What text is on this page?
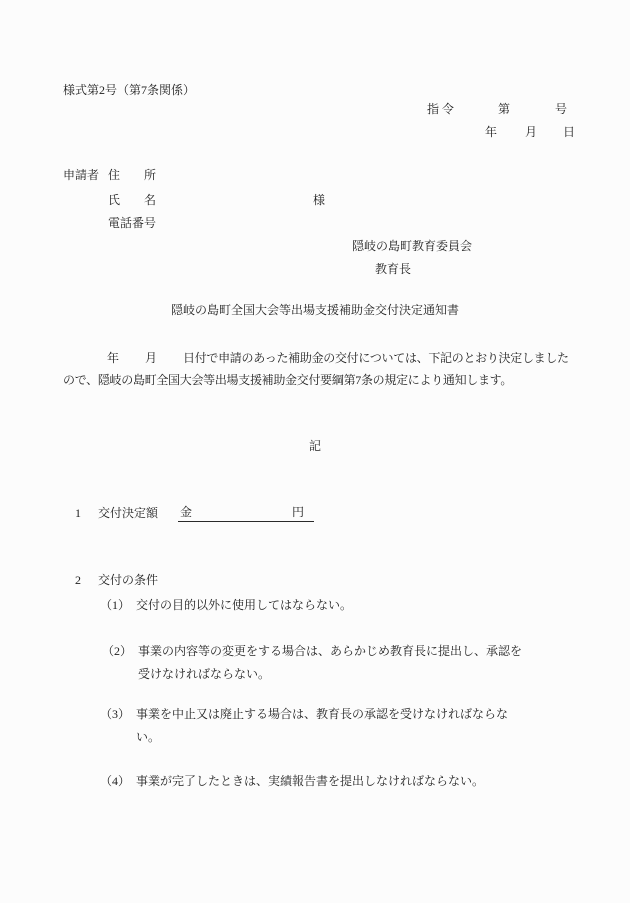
様式第2号（第7条関係）
指 令	第	号
年 月 日
申請者 住　　所
氏　　名	様
電話番号
隠岐の島町教育委員会
教育長
隠岐の島町全国大会等出場支援補助金交付決定通知書
年 月 日付で申請のあった補助金の交付については、下記のとおり決定しました
ので、隠岐の島町全国大会等出場支援補助金交付要綱第7条の規定により通知します。
記
1 交付決定額

金

	円

2 交付の条件
（1） 交付の目的以外に使用してはならない。
（2） 事業の内容等の変更をする場合は、あらかじめ教育長に提出し、承認を
受けなければならない。
（3） 事業を中止又は廃止する場合は、教育長の承認を受けなければならな
い。
（4） 事業が完了したときは、実績報告書を提出しなければならない。
